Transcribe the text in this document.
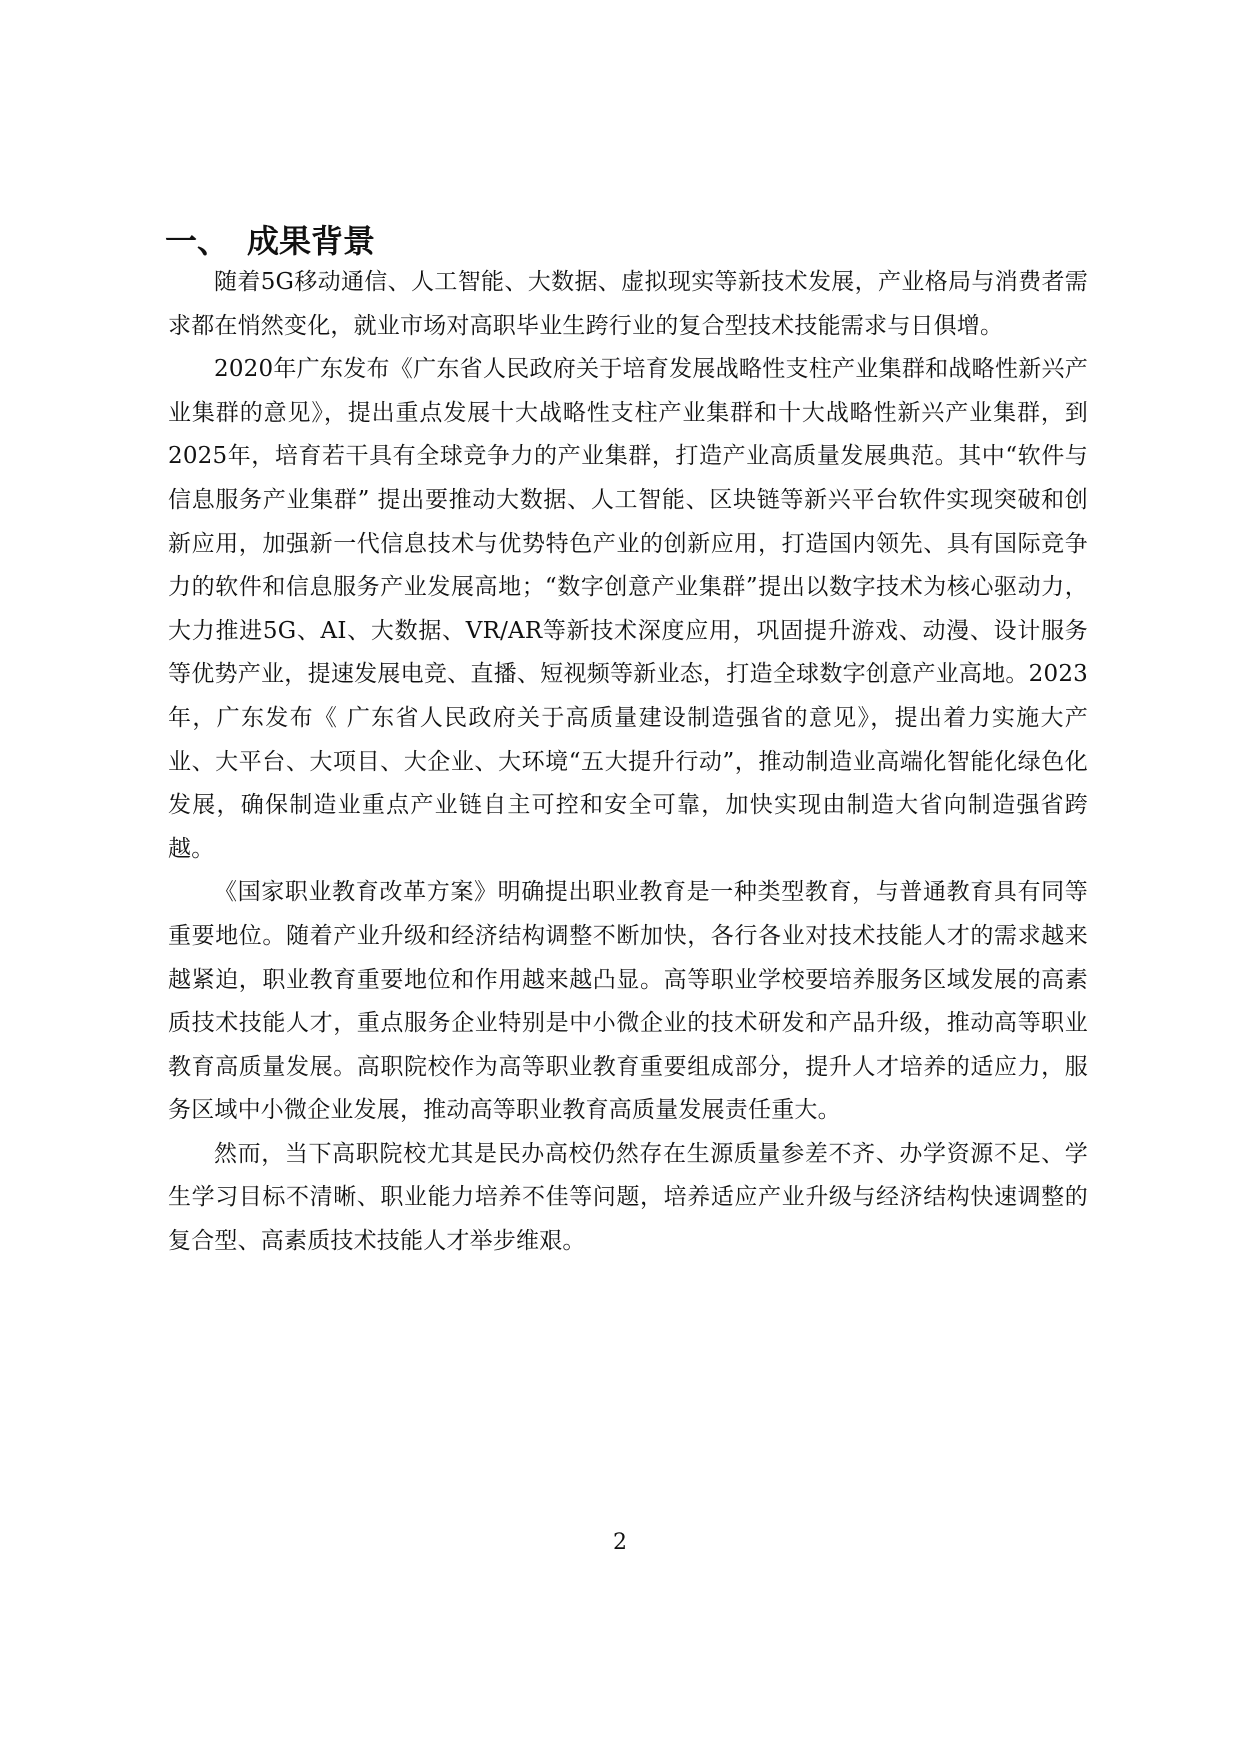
一、 成果背景

随着5G移动通信、人工智能、大数据、虚拟现实等新技术发展，产业格局与消费者需求都在悄然变化，就业市场对高职毕业生跨行业的复合型技术技能需求与日俱增。

2020年广东发布《广东省人民政府关于培育发展战略性支柱产业集群和战略性新兴产业集群的意见》，提出重点发展十大战略性支柱产业集群和十大战略性新兴产业集群，到2025年，培育若干具有全球竞争力的产业集群，打造产业高质量发展典范。其中“软件与信息服务产业集群” 提出要推动大数据、人工智能、区块链等新兴平台软件实现突破和创新应用，加强新一代信息技术与优势特色产业的创新应用，打造国内领先、具有国际竞争力的软件和信息服务产业发展高地；“数字创意产业集群”提出以数字技术为核心驱动力，大力推进5G、AI、大数据、VR/AR等新技术深度应用，巩固提升游戏、动漫、设计服务等优势产业，提速发展电竞、直播、短视频等新业态，打造全球数字创意产业高地。2023年，广东发布《 广东省人民政府关于高质量建设制造强省的意见》，提出着力实施大产业、大平台、大项目、大企业、大环境“五大提升行动”，推动制造业高端化智能化绿色化发展，确保制造业重点产业链自主可控和安全可靠，加快实现由制造大省向制造强省跨越。

《国家职业教育改革方案》明确提出职业教育是一种类型教育，与普通教育具有同等重要地位。随着产业升级和经济结构调整不断加快，各行各业对技术技能人才的需求越来越紧迫，职业教育重要地位和作用越来越凸显。高等职业学校要培养服务区域发展的高素质技术技能人才，重点服务企业特别是中小微企业的技术研发和产品升级，推动高等职业教育高质量发展。高职院校作为高等职业教育重要组成部分，提升人才培养的适应力，服务区域中小微企业发展，推动高等职业教育高质量发展责任重大。

然而，当下高职院校尤其是民办高校仍然存在生源质量参差不齐、办学资源不足、学生学习目标不清晰、职业能力培养不佳等问题，培养适应产业升级与经济结构快速调整的复合型、高素质技术技能人才举步维艰。

2
